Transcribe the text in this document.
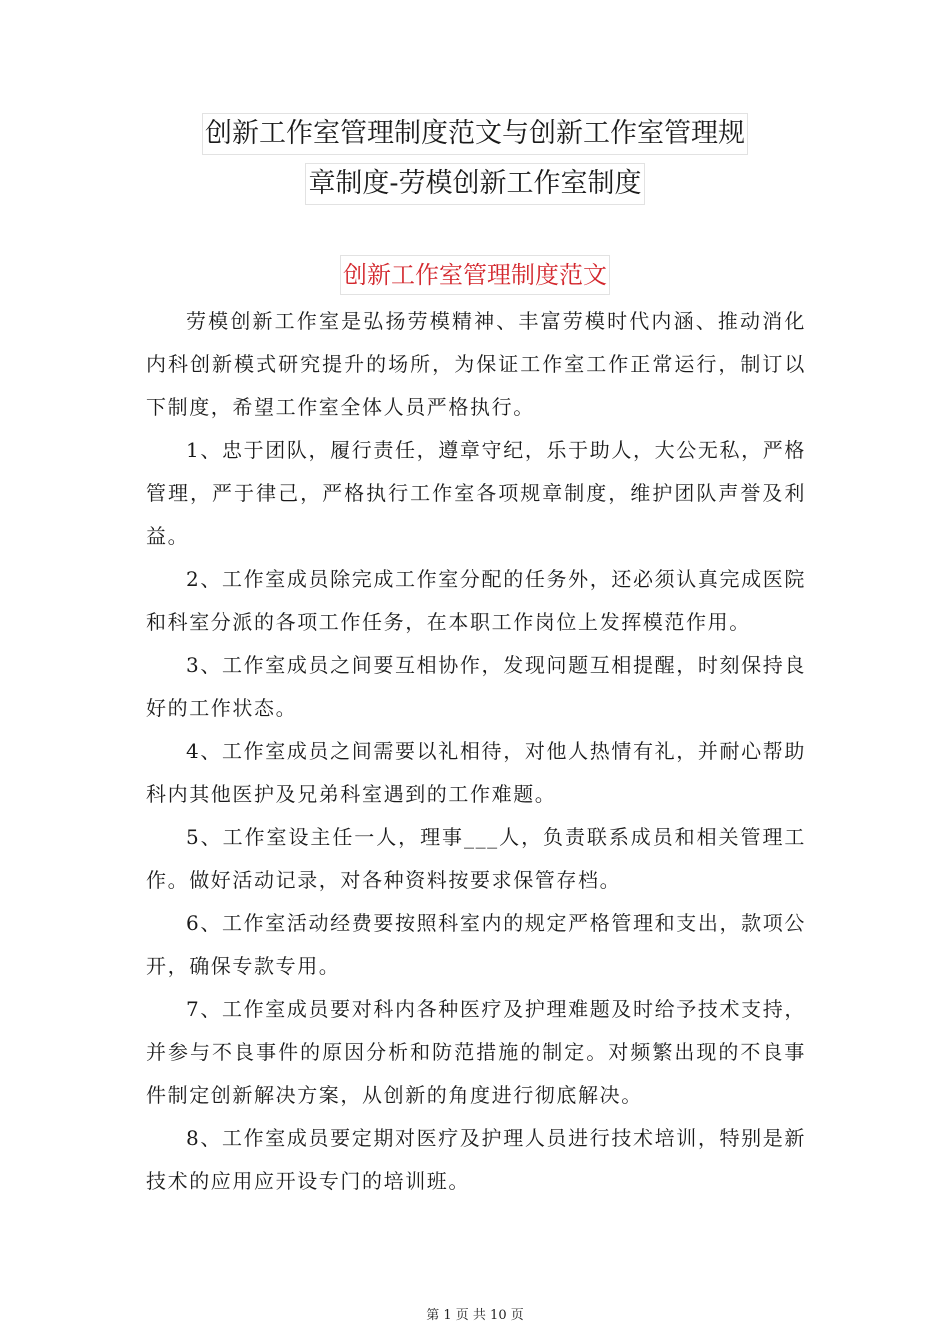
创新工作室管理制度范文与创新工作室管理规
章制度-劳模创新工作室制度
创新工作室管理制度范文

劳模创新工作室是弘扬劳模精神、丰富劳模时代内涵、推动消化内科创新模式研究提升的场所，为保证工作室工作正常运行，制订以下制度，希望工作室全体人员严格执行。

1、忠于团队，履行责任，遵章守纪，乐于助人，大公无私，严格管理，严于律己，严格执行工作室各项规章制度，维护团队声誉及利益。

2、工作室成员除完成工作室分配的任务外，还必须认真完成医院和科室分派的各项工作任务，在本职工作岗位上发挥模范作用。

3、工作室成员之间要互相协作，发现问题互相提醒，时刻保持良好的工作状态。

4、工作室成员之间需要以礼相待，对他人热情有礼，并耐心帮助科内其他医护及兄弟科室遇到的工作难题。

5、工作室设主任一人，理事___人，负责联系成员和相关管理工作。做好活动记录，对各种资料按要求保管存档。

6、工作室活动经费要按照科室内的规定严格管理和支出，款项公开，确保专款专用。

7、工作室成员要对科内各种医疗及护理难题及时给予技术支持，并参与不良事件的原因分析和防范措施的制定。对频繁出现的不良事件制定创新解决方案，从创新的角度进行彻底解决。

8、工作室成员要定期对医疗及护理人员进行技术培训，特别是新技术的应用应开设专门的培训班。

第 1 页 共 10 页
